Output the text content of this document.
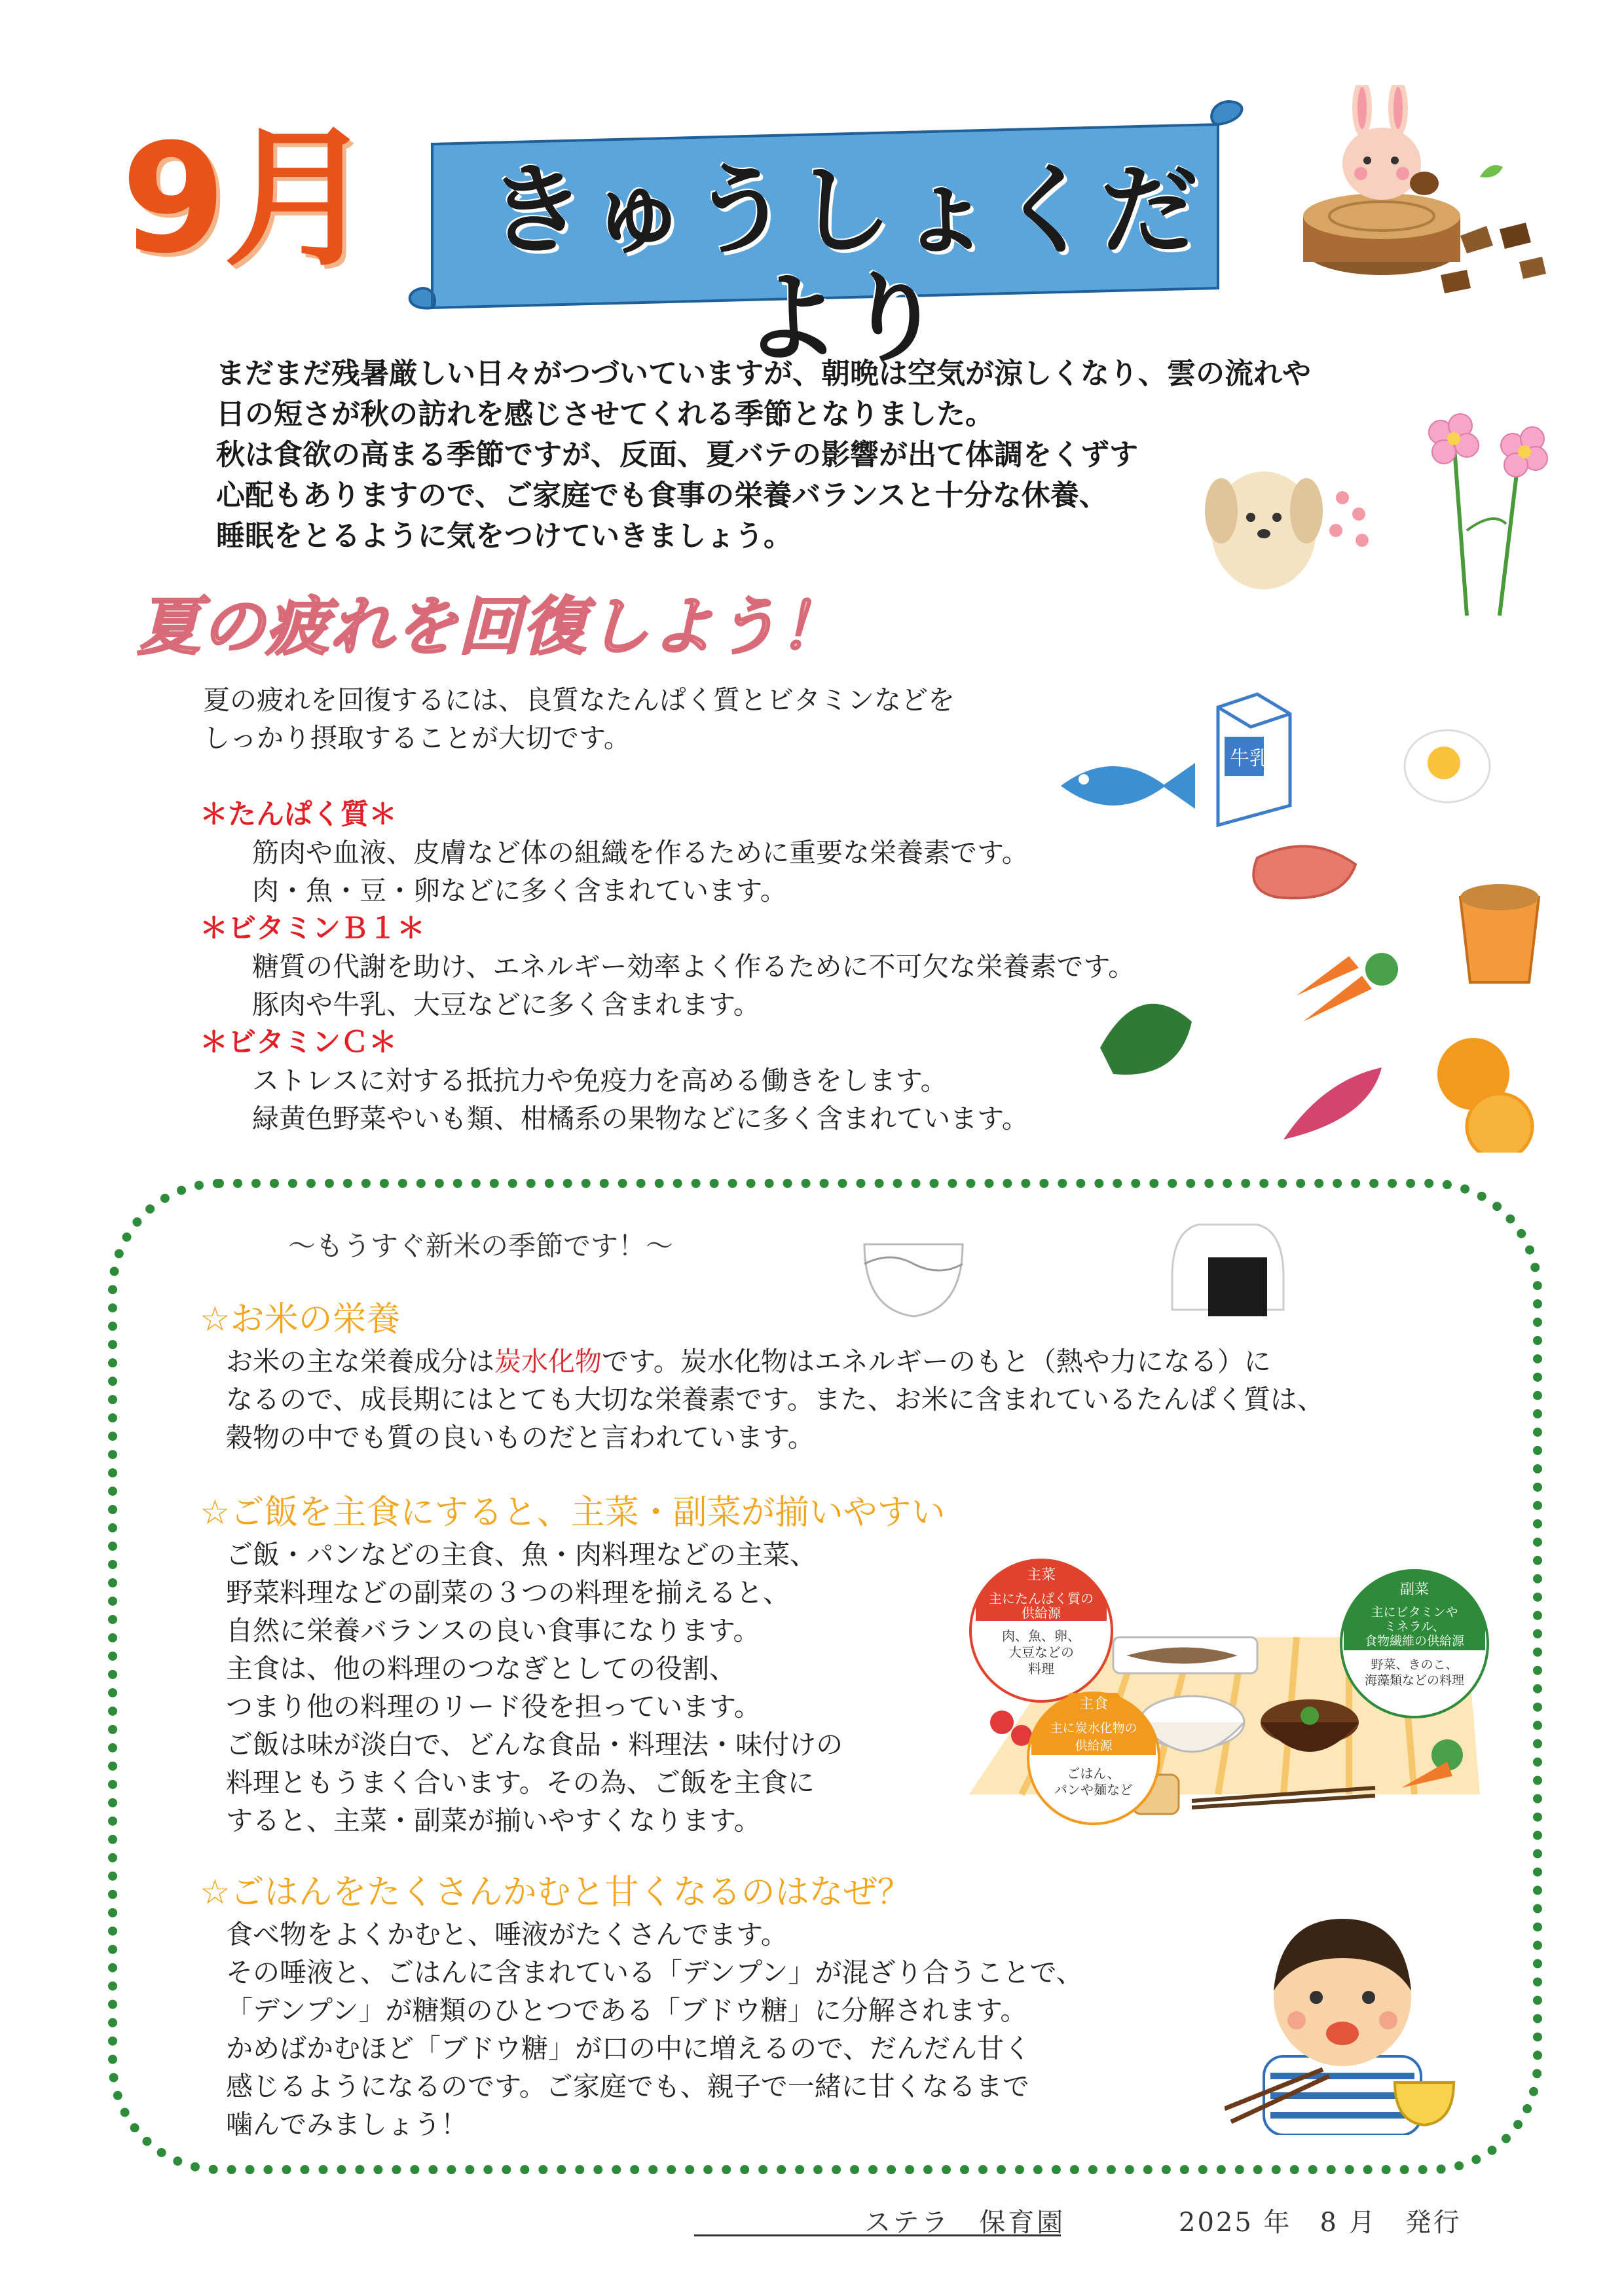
9月 きゅうしょくだより

まだまだ残暑厳しい日々がつづいていますが、朝晩は空気が涼しくなり、雲の流れや

日の短さが秋の訪れを感じさせてくれる季節となりました。

秋は食欲の高まる季節ですが、反面、夏バテの影響が出て体調をくずす

心配もありますので、ご家庭でも食事の栄養バランスと十分な休養、

睡眠をとるように気をつけていきましょう。

夏の疲れを回復しよう！

夏の疲れを回復するには、良質なたんぱく質とビタミンなどを

しっかり摂取することが大切です。

＊たんぱく質＊

筋肉や血液、皮膚など体の組織を作るために重要な栄養素です。

肉・魚・豆・卵などに多く含まれています。

＊ビタミンＢ１＊

糖質の代謝を助け、エネルギー効率よく作るために不可欠な栄養素です。

豚肉や牛乳、大豆などに多く含まれます。

＊ビタミンＣ＊

ストレスに対する抵抗力や免疫力を高める働きをします。

緑黄色野菜やいも類、柑橘系の果物などに多く含まれています。

牛乳
～もうすぐ新米の季節です！～
☆お米の栄養

お米の主な栄養成分は炭水化物です。炭水化物はエネルギーのもと（熱や力になる）に

なるので、成長期にはとても大切な栄養素です。また、お米に含まれているたんぱく質は、

穀物の中でも質の良いものだと言われています。

☆ご飯を主食にすると、主菜・副菜が揃いやすい

ご飯・パンなどの主食、魚・肉料理などの主菜、

野菜料理などの副菜の３つの料理を揃えると、

自然に栄養バランスの良い食事になります。

主食は、他の料理のつなぎとしての役割、

つまり他の料理のリード役を担っています。

ご飯は味が淡白で、どんな食品・料理法・味付けの

料理ともうまく合います。その為、ご飯を主食に

すると、主菜・副菜が揃いやすくなります。

主菜
主にたんぱく質の
供給源
肉、魚、卵、
大豆などの
料理
副菜
主にビタミンや
ミネラル、
食物繊維の供給源
野菜、きのこ、
海藻類などの料理
主食
主に炭水化物の
供給源
ごはん、
パンや麺など
☆ごはんをたくさんかむと甘くなるのはなぜ？

食べ物をよくかむと、唾液がたくさんでます。

その唾液と、ごはんに含まれている「デンプン」が混ざり合うことで、

「デンプン」が糖類のひとつである「ブドウ糖」に分解されます。

かめばかむほど「ブドウ糖」が口の中に増えるので、だんだん甘く

感じるようになるのです。ご家庭でも、親子で一緒に甘くなるまで

噛んでみましょう！

ステラ　保育園	2025 年　8 月　発行
